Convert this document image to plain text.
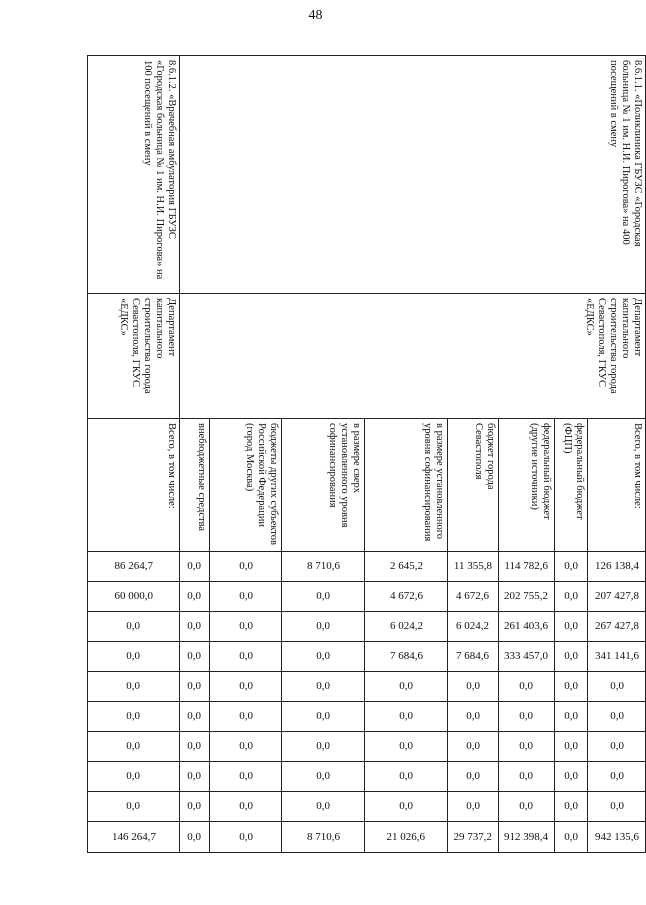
48
8.6.1.1. «Поликлиника ГБУЗС «Городская больница № 1 им. Н.И. Пирогова» на 400 посещений в смену	Департамент капитального строительства города Севастополя, ГКУС «ЕДКС»	Всего, в том числе:	126 138,4	207 427,8	267 427,8	341 141,6	0,0	0,0	0,0	0,0	0,0	942 135,6

		федеральный бюджет (ФЦП)	0,0	0,0	0,0	0,0	0,0	0,0	0,0	0,0	0,0	0,0

		федеральный бюджет (другие источники)	114 782,6	202 755,2	261 403,6	333 457,0	0,0	0,0	0,0	0,0	0,0	912 398,4

		бюджет города Севастополя	11 355,8	4 672,6	6 024,2	7 684,6	0,0	0,0	0,0	0,0	0,0	29 737,2

		в размере установленного уровня софинансирования	2 645,2	4 672,6	6 024,2	7 684,6	0,0	0,0	0,0	0,0	0,0	21 026,6

		в размере сверх установленного уровня софинансирования	8 710,6	0,0	0,0	0,0	0,0	0,0	0,0	0,0	0,0	8 710,6

		бюджеты других субъектов Российской Федерации (город Москва)	0,0	0,0	0,0	0,0	0,0	0,0	0,0	0,0	0,0	0,0

		внебюджетные средства	0,0	0,0	0,0	0,0	0,0	0,0	0,0	0,0	0,0	0,0

8.6.1.2. «Врачебная амбулатория ГБУЗС «Городская больница № 1 им. Н.И. Пирогова» на 100 посещений в смену	Департамент капитального строительства города Севастополя, ГКУС «ЕДКС»	Всего, в том числе:	86 264,7	60 000,0	0,0	0,0	0,0	0,0	0,0	0,0	0,0	146 264,7
